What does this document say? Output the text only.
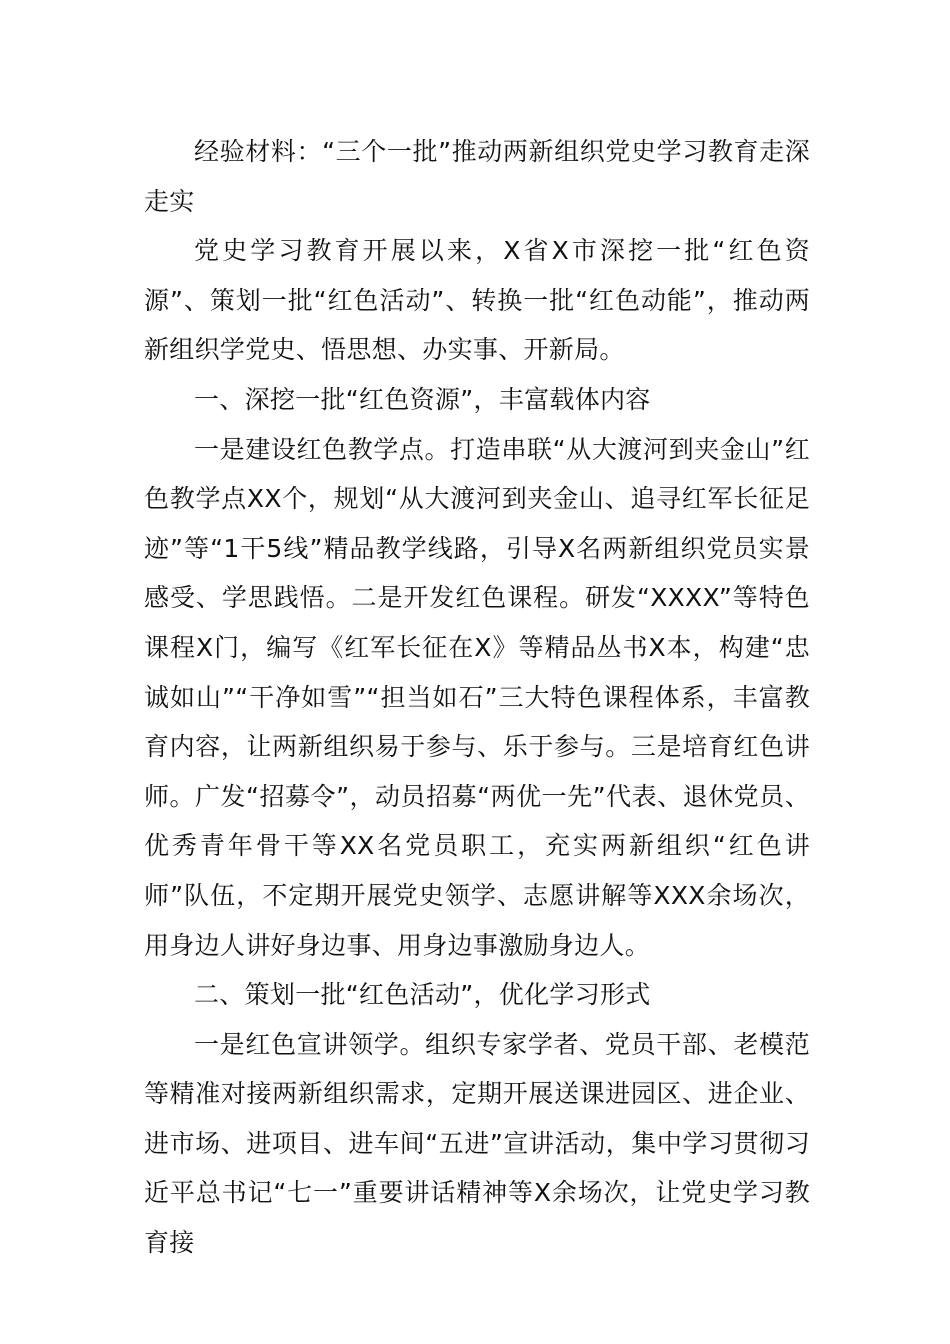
经验材料：“三个一批”推动两新组织党史学习教育走深走实

党史学习教育开展以来，X省X市深挖一批“红色资源”、策划一批“红色活动”、转换一批“红色动能”，推动两新组织学党史、悟思想、办实事、开新局。

一、深挖一批“红色资源”，丰富载体内容

一是建设红色教学点。打造串联“从大渡河到夹金山”红色教学点XX个，规划“从大渡河到夹金山、追寻红军长征足迹”等“1干5线”精品教学线路，引导X名两新组织党员实景感受、学思践悟。二是开发红色课程。研发“XXXX”等特色课程X门，编写《红军长征在X》等精品丛书X本，构建“忠诚如山”“干净如雪”“担当如石”三大特色课程体系，丰富教育内容，让两新组织易于参与、乐于参与。三是培育红色讲师。广发“招募令”，动员招募“两优一先”代表、退休党员、优秀青年骨干等XX名党员职工，充实两新组织“红色讲师”队伍，不定期开展党史领学、志愿讲解等XXX余场次，用身边人讲好身边事、用身边事激励身边人。

二、策划一批“红色活动”，优化学习形式

一是红色宣讲领学。组织专家学者、党员干部、老模范等精准对接两新组织需求，定期开展送课进园区、进企业、进市场、进项目、进车间“五进”宣讲活动，集中学习贯彻习近平总书记“七一”重要讲话精神等X余场次，让党史学习教育接
